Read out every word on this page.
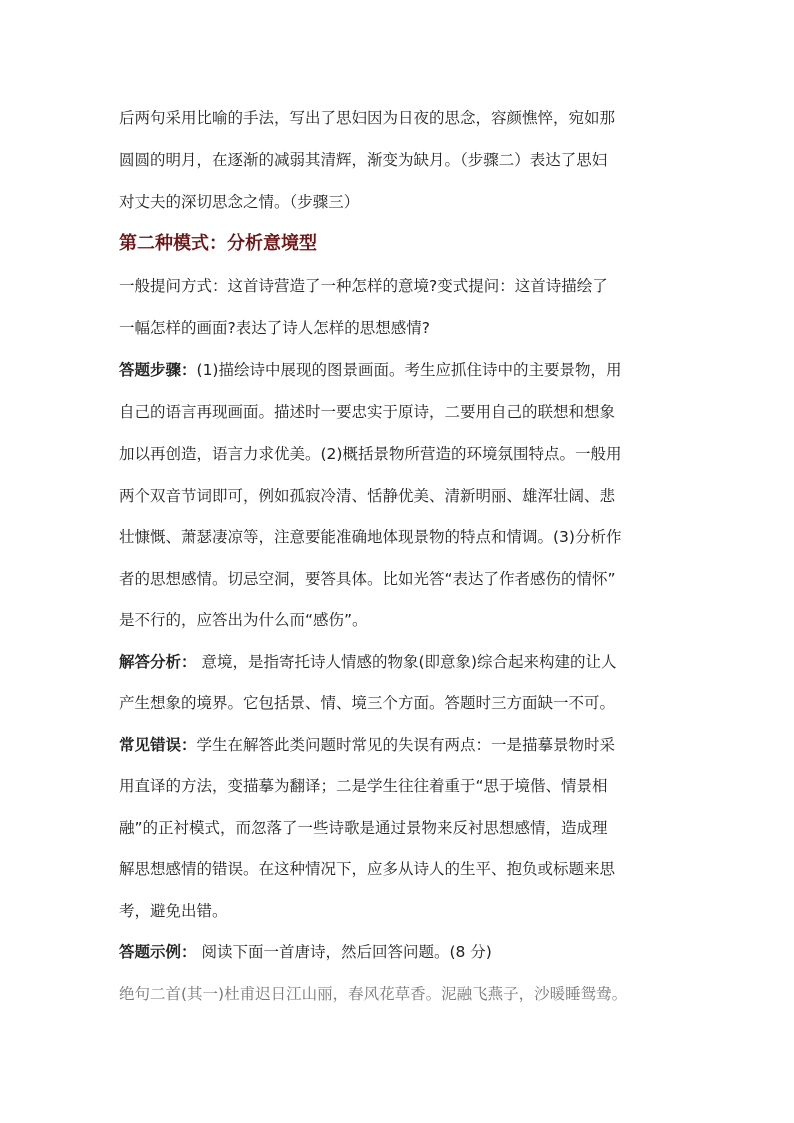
后两句采用比喻的手法，写出了思妇因为日夜的思念，容颜憔悴，宛如那
圆圆的明月，在逐渐的减弱其清辉，渐变为缺月。（步骤二）表达了思妇
对丈夫的深切思念之情。（步骤三）
第二种模式：分析意境型
一般提问方式：这首诗营造了一种怎样的意境?变式提问：这首诗描绘了
一幅怎样的画面?表达了诗人怎样的思想感情?
答题步骤：(1)描绘诗中展现的图景画面。考生应抓住诗中的主要景物，用
自己的语言再现画面。描述时一要忠实于原诗，二要用自己的联想和想象
加以再创造，语言力求优美。(2)概括景物所营造的环境氛围特点。一般用
两个双音节词即可，例如孤寂冷清、恬静优美、清新明丽、雄浑壮阔、悲
壮慷慨、萧瑟凄凉等，注意要能准确地体现景物的特点和情调。(3)分析作
者的思想感情。切忌空洞，要答具体。比如光答“表达了作者感伤的情怀”
是不行的，应答出为什么而“感伤”。
解答分析： 意境，是指寄托诗人情感的物象(即意象)综合起来构建的让人
产生想象的境界。它包括景、情、境三个方面。答题时三方面缺一不可。
常见错误：学生在解答此类问题时常见的失误有两点：一是描摹景物时采
用直译的方法，变描摹为翻译；二是学生往往着重于“思于境偕、情景相
融”的正衬模式，而忽落了一些诗歌是通过景物来反衬思想感情，造成理
解思想感情的错误。在这种情况下，应多从诗人的生平、抱负或标题来思
考，避免出错。
答题示例： 阅读下面一首唐诗，然后回答问题。(8 分)
绝句二首(其一)杜甫迟日江山丽，春风花草香。泥融飞燕子，沙暖睡鸳鸯。
